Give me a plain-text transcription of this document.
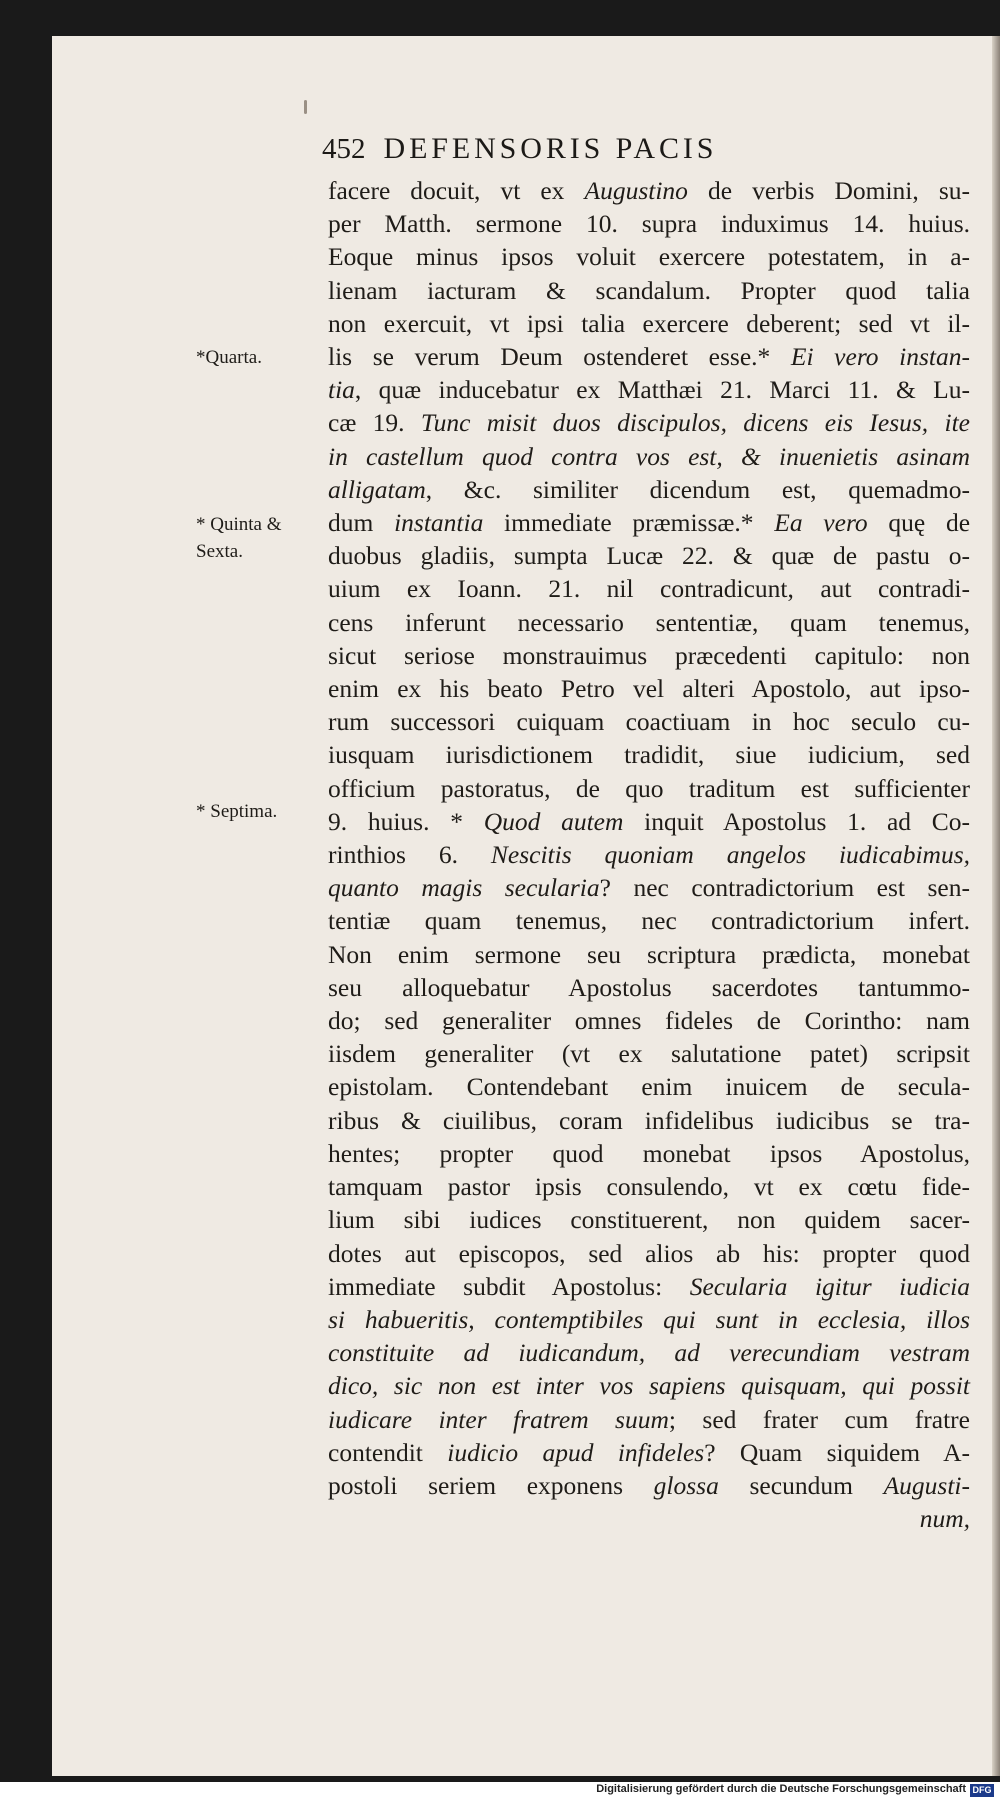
452 DEFENSORIS PACIS
*Quarta.
* Quinta &
Sexta.
* Septima.
facere docuit, vt ex Augustino de verbis Domini, su-
per Matth. sermone 10. supra induximus 14. huius.
Eoque minus ipsos voluit exercere potestatem, in a-
lienam iacturam & scandalum. Propter quod talia
non exercuit, vt ipsi talia exercere deberent; sed vt il-
lis se verum Deum ostenderet esse.* Ei vero instan-
tia, quæ inducebatur ex Matthæi 21. Marci 11. & Lu-
cæ 19. Tunc misit duos discipulos, dicens eis Iesus, ite
in castellum quod contra vos est, & inuenietis asinam
alligatam, &c. similiter dicendum est, quemadmo-
dum instantia immediate præmissæ.* Ea vero quę de
duobus gladiis, sumpta Lucæ 22. & quæ de pastu o-
uium ex Ioann. 21. nil contradicunt, aut contradi-
cens inferunt necessario sententiæ, quam tenemus,
sicut seriose monstrauimus præcedenti capitulo: non
enim ex his beato Petro vel alteri Apostolo, aut ipso-
rum successori cuiquam coactiuam in hoc seculo cu-
iusquam iurisdictionem tradidit, siue iudicium, sed
officium pastoratus, de quo traditum est sufficienter
9. huius. * Quod autem inquit Apostolus 1. ad Co-
rinthios 6. Nescitis quoniam angelos iudicabimus,
quanto magis secularia? nec contradictorium est sen-
tentiæ quam tenemus, nec contradictorium infert.
Non enim sermone seu scriptura prædicta, monebat
seu alloquebatur Apostolus sacerdotes tantummo-
do; sed generaliter omnes fideles de Corintho: nam
iisdem generaliter (vt ex salutatione patet) scripsit
epistolam. Contendebant enim inuicem de secula-
ribus & ciuilibus, coram infidelibus iudicibus se tra-
hentes; propter quod monebat ipsos Apostolus,
tamquam pastor ipsis consulendo, vt ex cœtu fide-
lium sibi iudices constituerent, non quidem sacer-
dotes aut episcopos, sed alios ab his: propter quod
immediate subdit Apostolus: Secularia igitur iudicia
si habueritis, contemptibiles qui sunt in ecclesia, illos
constituite ad iudicandum, ad verecundiam vestram
dico, sic non est inter vos sapiens quisquam, qui possit
iudicare inter fratrem suum; sed frater cum fratre
contendit iudicio apud infideles? Quam siquidem A-
postoli seriem exponens glossa secundum Augusti-
num,
Digitalisierung gefördert durch die Deutsche Forschungsgemeinschaft DFG
